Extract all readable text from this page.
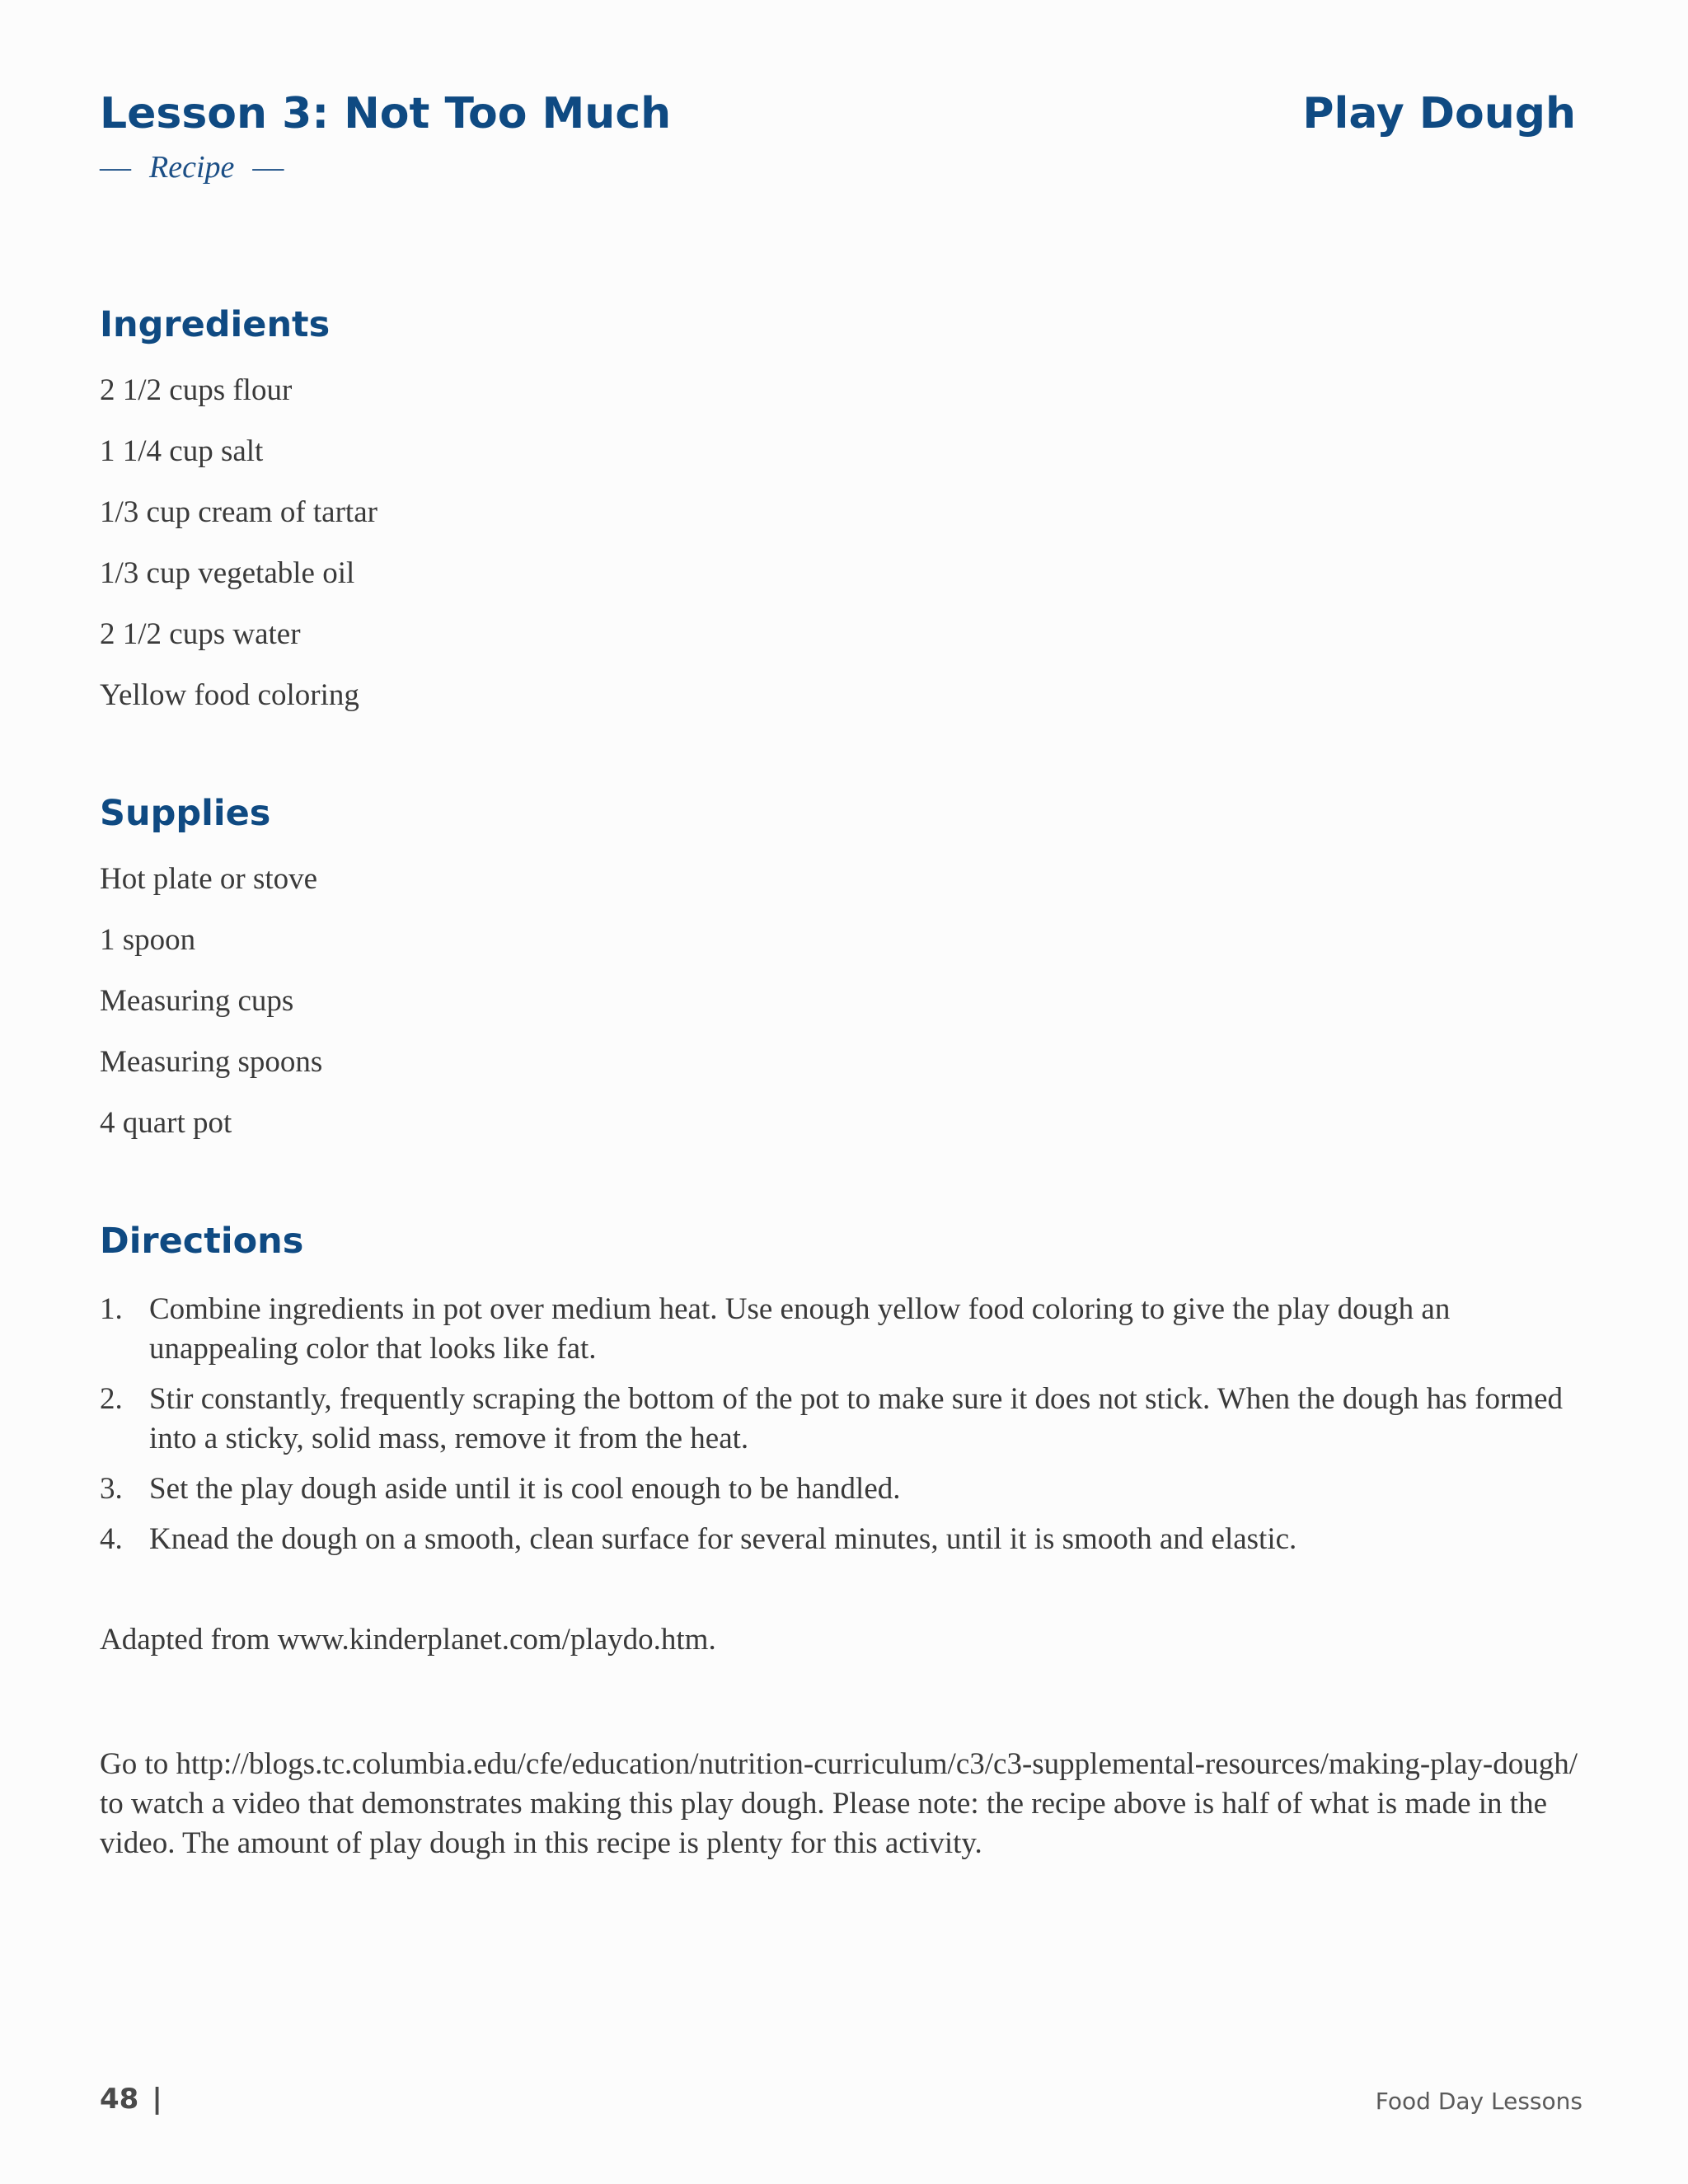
Lesson 3: Not Too Much	Play Dough
— Recipe —
Ingredients
2 1/2 cups flour
1 1/4 cup salt
1/3 cup cream of tartar
1/3 cup vegetable oil
2 1/2 cups water
Yellow food coloring
Supplies
Hot plate or stove
1 spoon
Measuring cups
Measuring spoons
4 quart pot
Directions
1. Combine ingredients in pot over medium heat. Use enough yellow food coloring to give the play dough an unappealing color that looks like fat.
2. Stir constantly, frequently scraping the bottom of the pot to make sure it does not stick. When the dough has formed into a sticky, solid mass, remove it from the heat.
3. Set the play dough aside until it is cool enough to be handled.
4. Knead the dough on a smooth, clean surface for several minutes, until it is smooth and elastic.
Adapted from www.kinderplanet.com/playdo.htm.
Go to http://blogs.tc.columbia.edu/cfe/education/nutrition-curriculum/c3/c3-supplemental-resources/making-play-dough/ to watch a video that demonstrates making this play dough. Please note: the recipe above is half of what is made in the video. The amount of play dough in this recipe is plenty for this activity.
48 |	Food Day Lessons
